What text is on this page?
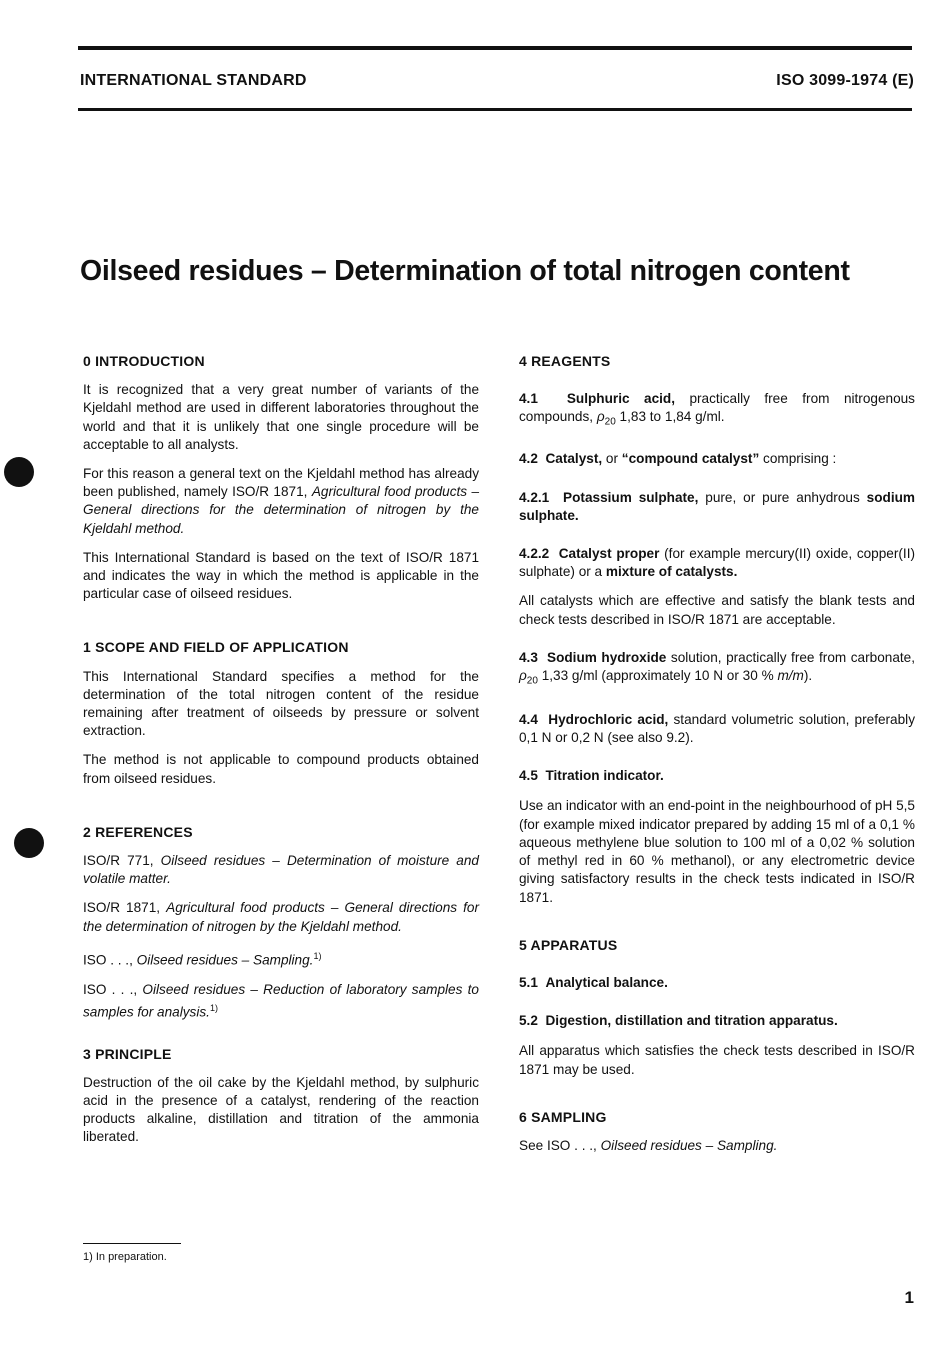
INTERNATIONAL STANDARD	ISO 3099-1974 (E)
Oilseed residues – Determination of total nitrogen content
0 INTRODUCTION

It is recognized that a very great number of variants of the Kjeldahl method are used in different laboratories throughout the world and that it is unlikely that one single procedure will be acceptable to all analysts.

For this reason a general text on the Kjeldahl method has already been published, namely ISO/R 1871, Agricultural food products – General directions for the determination of nitrogen by the Kjeldahl method.

This International Standard is based on the text of ISO/R 1871 and indicates the way in which the method is applicable in the particular case of oilseed residues.

1 SCOPE AND FIELD OF APPLICATION

This International Standard specifies a method for the determination of the total nitrogen content of the residue remaining after treatment of oilseeds by pressure or solvent extraction.

The method is not applicable to compound products obtained from oilseed residues.

2 REFERENCES

ISO/R 771, Oilseed residues – Determination of moisture and volatile matter.

ISO/R 1871, Agricultural food products – General directions for the determination of nitrogen by the Kjeldahl method.

ISO . . ., Oilseed residues – Sampling.$^{1)}$

ISO . . ., Oilseed residues – Reduction of laboratory samples to samples for analysis.$^{1)}$

3 PRINCIPLE

Destruction of the oil cake by the Kjeldahl method, by sulphuric acid in the presence of a catalyst, rendering of the reaction products alkaline, distillation and titration of the ammonia liberated.

4 REAGENTS

4.1 Sulphuric acid, practically free from nitrogenous compounds, $\rho_{20}$ 1,83 to 1,84 g/ml.

4.2 Catalyst, or “compound catalyst” comprising :

4.2.1 Potassium sulphate, pure, or pure anhydrous sodium sulphate.

4.2.2 Catalyst proper (for example mercury(II) oxide, copper(II) sulphate) or a mixture of catalysts.

All catalysts which are effective and satisfy the blank tests and check tests described in ISO/R 1871 are acceptable.

4.3 Sodium hydroxide solution, practically free from carbonate, $\rho_{20}$ 1,33 g/ml (approximately 10 N or 30 % m/m).

4.4 Hydrochloric acid, standard volumetric solution, preferably 0,1 N or 0,2 N (see also 9.2).

4.5 Titration indicator.

Use an indicator with an end-point in the neighbourhood of pH 5,5 (for example mixed indicator prepared by adding 15 ml of a 0,1 % aqueous methylene blue solution to 100 ml of a 0,02 % solution of methyl red in 60 % methanol), or any electrometric device giving satisfactory results in the check tests indicated in ISO/R 1871.

5 APPARATUS

5.1 Analytical balance.

5.2 Digestion, distillation and titration apparatus.

All apparatus which satisfies the check tests described in ISO/R 1871 may be used.

6 SAMPLING

See ISO . . ., Oilseed residues – Sampling.

1) In preparation.
1
